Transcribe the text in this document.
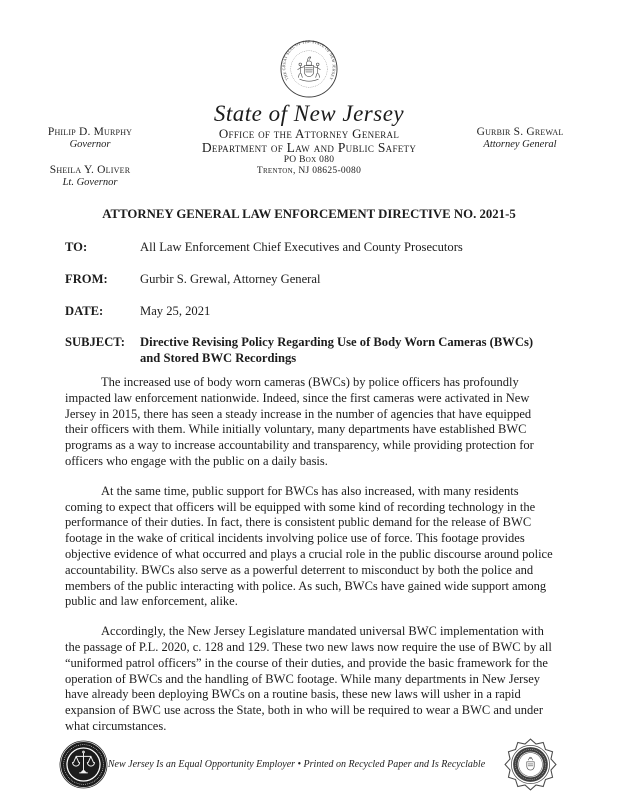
Philip D. Murphy
Governor
Sheila Y. Oliver
Lt. Governor
THE GREAT SEAL OF THE STATE OF NEW JERSEY
State of New Jersey
Office of the Attorney General
Department of Law and Public Safety
PO Box 080
Trenton, NJ 08625-0080
Gurbir S. Grewal
Attorney General
ATTORNEY GENERAL LAW ENFORCEMENT DIRECTIVE NO. 2021-5
TO:	All Law Enforcement Chief Executives and County Prosecutors
FROM:	Gurbir S. Grewal, Attorney General
DATE:	May 25, 2021
SUBJECT:	Directive Revising Policy Regarding Use of Body Worn Cameras (BWCs) and Stored BWC Recordings

The increased use of body worn cameras (BWCs) by police officers has profoundly impacted law enforcement nationwide. Indeed, since the first cameras were activated in New Jersey in 2015, there has seen a steady increase in the number of agencies that have equipped their officers with them. While initially voluntary, many departments have established BWC programs as a way to increase accountability and transparency, while providing protection for officers who engage with the public on a daily basis.

At the same time, public support for BWCs has also increased, with many residents coming to expect that officers will be equipped with some kind of recording technology in the performance of their duties. In fact, there is consistent public demand for the release of BWC footage in the wake of critical incidents involving police use of force. This footage provides objective evidence of what occurred and plays a crucial role in the public discourse around police accountability. BWCs also serve as a powerful deterrent to misconduct by both the police and members of the public interacting with police. As such, BWCs have gained wide support among public and law enforcement, alike.

Accordingly, the New Jersey Legislature mandated universal BWC implementation with the passage of P.L. 2020, c. 128 and 129. These two new laws now require the use of BWC by all “uniformed patrol officers” in the course of their duties, and provide the basic framework for the operation of BWCs and the handling of BWC footage. While many departments in New Jersey have already been deploying BWCs on a routine basis, these new laws will usher in a rapid expansion of BWC use across the State, both in who will be required to wear a BWC and under what circumstances.

New Jersey Is an Equal Opportunity Employer • Printed on Recycled Paper and Is Recyclable
